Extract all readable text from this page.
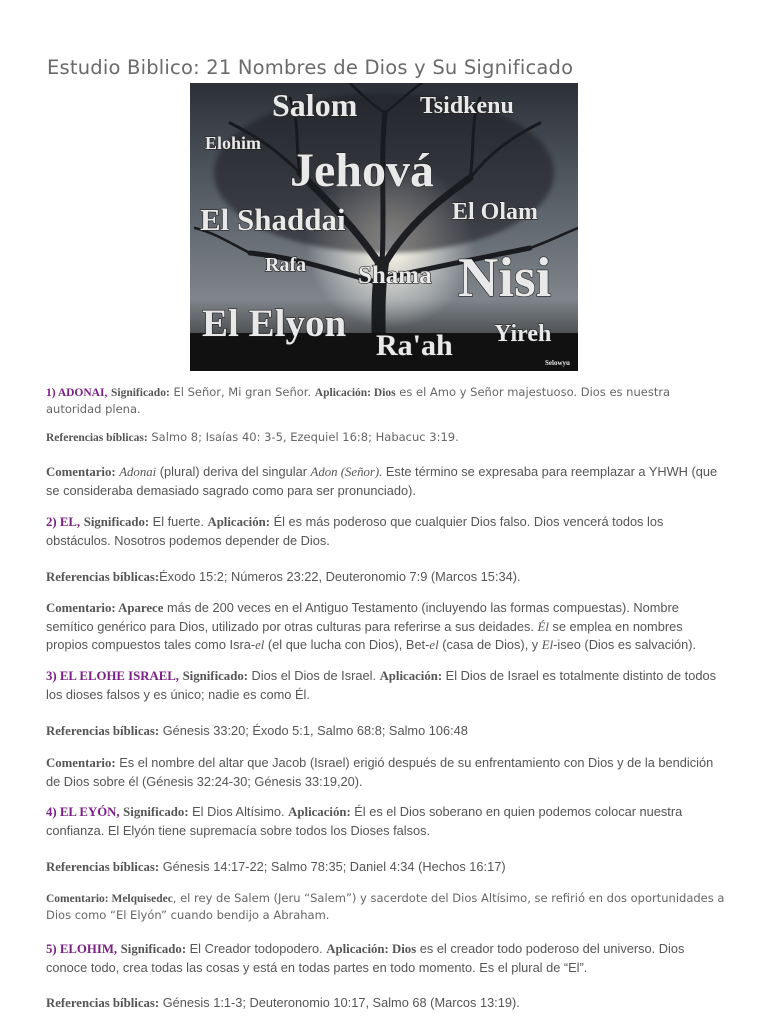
Estudio Biblico: 21 Nombres de Dios y Su Significado
Salom	Tsidkenu
Elohim
Jehová
El Shaddai	El Olam
Rafa Shama Nisi
El Elyon
Ra'ah Yireh
Selowyu

1) ADONAI, Significado: El Señor, Mi gran Señor. Aplicación: Dios es el Amo y Señor majestuoso. Dios es nuestra autoridad plena.

Referencias bíblicas: Salmo 8; Isaías 40: 3-5, Ezequiel 16:8; Habacuc 3:19.

Comentario: Adonai (plural) deriva del singular Adon (Señor). Este término se expresaba para reemplazar a YHWH (que se consideraba demasiado sagrado como para ser pronunciado).

2) EL, Significado: El fuerte. Aplicación: Él es más poderoso que cualquier Dios falso. Dios vencerá todos los obstáculos. Nosotros podemos depender de Dios.

Referencias bíblicas:Éxodo 15:2; Números 23:22, Deuteronomio 7:9 (Marcos 15:34).

Comentario: Aparece más de 200 veces en el Antiguo Testamento (incluyendo las formas compuestas). Nombre semítico genérico para Dios, utilizado por otras culturas para referirse a sus deidades. Él se emplea en nombres propios compuestos tales como Isra-el (el que lucha con Dios), Bet-el (casa de Dios), y El-iseo (Dios es salvación).

3) EL ELOHE ISRAEL, Significado: Dios el Dios de Israel. Aplicación: El Dios de Israel es totalmente distinto de todos los dioses falsos y es único; nadie es como Él.

Referencias bíblicas: Génesis 33:20; Éxodo 5:1, Salmo 68:8; Salmo 106:48

Comentario: Es el nombre del altar que Jacob (Israel) erigió después de su enfrentamiento con Dios y de la bendición de Dios sobre él (Génesis 32:24-30; Génesis 33:19,20).

4) EL EYÓN, Significado: El Dios Altísimo. Aplicación: Él es el Dios soberano en quien podemos colocar nuestra confianza. El Elyón tiene supremacía sobre todos los Dioses falsos.

Referencias bíblicas: Génesis 14:17-22; Salmo 78:35; Daniel 4:34 (Hechos 16:17)

Comentario: Melquisedec, el rey de Salem (Jeru “Salem”) y sacerdote del Dios Altísimo, se refirió en dos oportunidades a Dios como “El Elyón” cuando bendijo a Abraham.

5) ELOHIM, Significado: El Creador todopodero. Aplicación: Dios es el creador todo poderoso del universo. Dios conoce todo, crea todas las cosas y está en todas partes en todo momento. Es el plural de “El”.

Referencias bíblicas: Génesis 1:1-3; Deuteronomio 10:17, Salmo 68 (Marcos 13:19).
